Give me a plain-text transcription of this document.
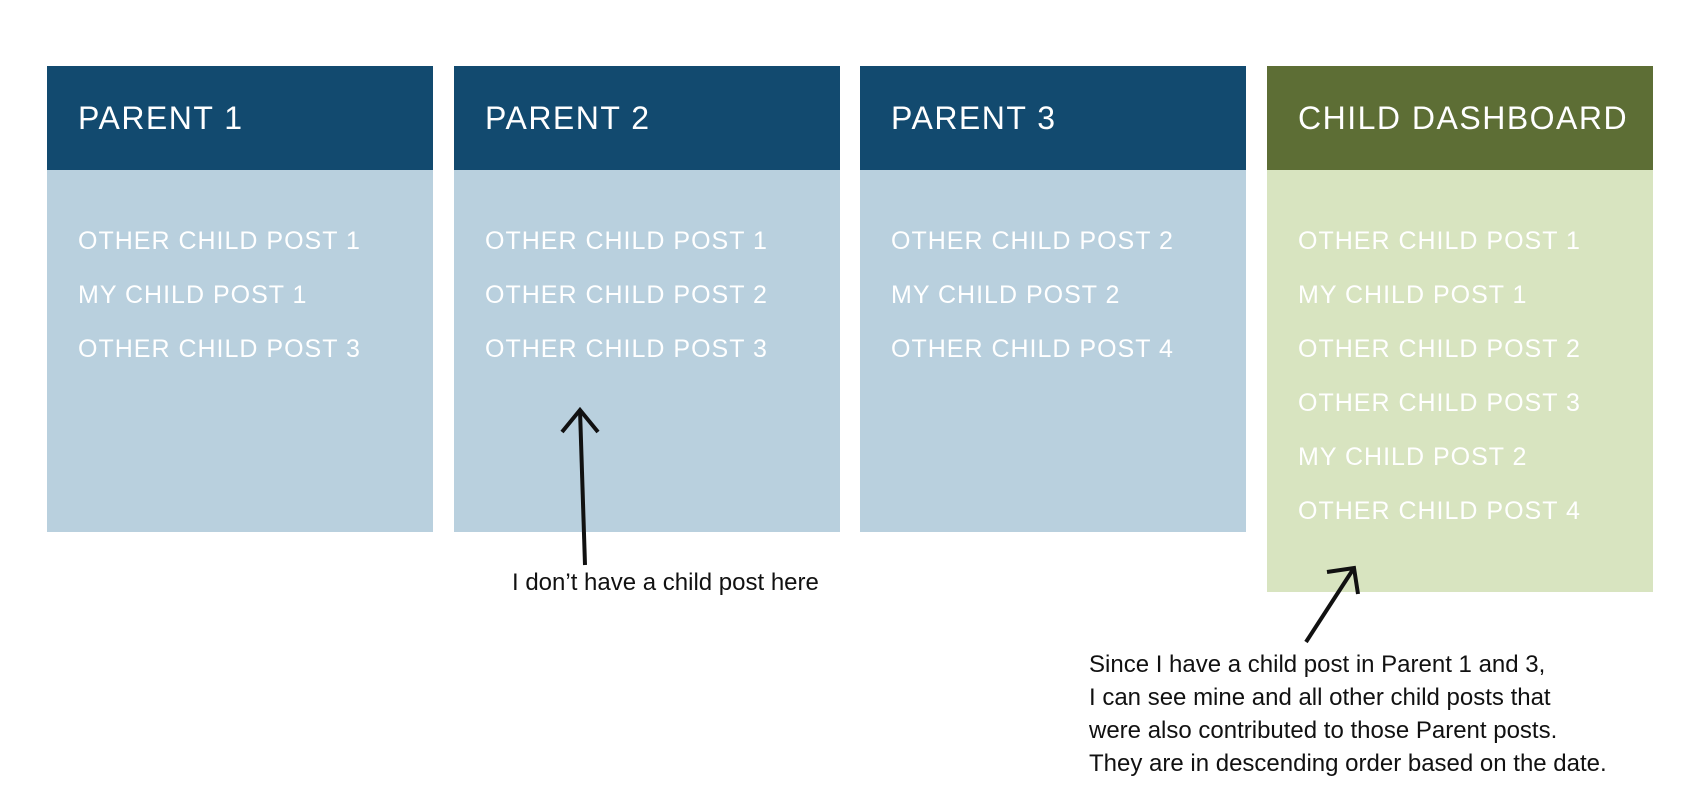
PARENT 1
OTHER CHILD POST 1
MY CHILD POST 1
OTHER CHILD POST 3
PARENT 2
OTHER CHILD POST 1
OTHER CHILD POST 2
OTHER CHILD POST 3
PARENT 3
OTHER CHILD POST 2
MY CHILD POST 2
OTHER CHILD POST 4
CHILD DASHBOARD
OTHER CHILD POST 1
MY CHILD POST 1
OTHER CHILD POST 2
OTHER CHILD POST 3
MY CHILD POST 2
OTHER CHILD POST 4
I don’t have a child post here
Since I have a child post in Parent 1 and 3,
I can see mine and all other child posts that
were also contributed to those Parent posts.
They are in descending order based on the date.
